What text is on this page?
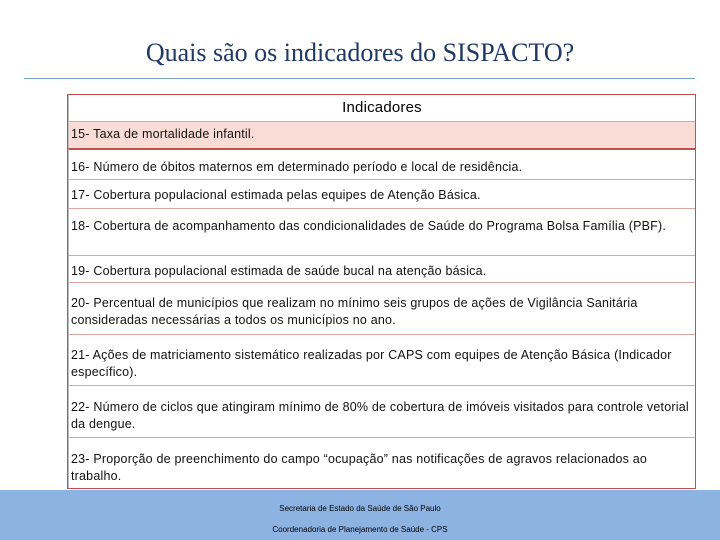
Quais são os indicadores do SISPACTO?
Indicadores
15- Taxa de mortalidade infantil.
16- Número de óbitos maternos em determinado período e local de residência.
17- Cobertura populacional estimada pelas equipes de Atenção Básica.
18- Cobertura de acompanhamento das condicionalidades de Saúde do Programa Bolsa Família (PBF).
19- Cobertura populacional estimada de saúde bucal na atenção básica.
20- Percentual de municípios que realizam no mínimo seis grupos de ações de Vigilância Sanitária consideradas necessárias a todos os municípios no ano.
21- Ações de matriciamento sistemático realizadas por CAPS com equipes de Atenção Básica (Indicador específico).
22- Número de ciclos que atingiram mínimo de 80% de cobertura de imóveis visitados para controle vetorial da dengue.
23- Proporção de preenchimento do campo “ocupação” nas notificações de agravos relacionados ao trabalho.
Secretaria de Estado da Saúde de São Paulo
Coordenadoria de Planejamento de Saúde - CPS
